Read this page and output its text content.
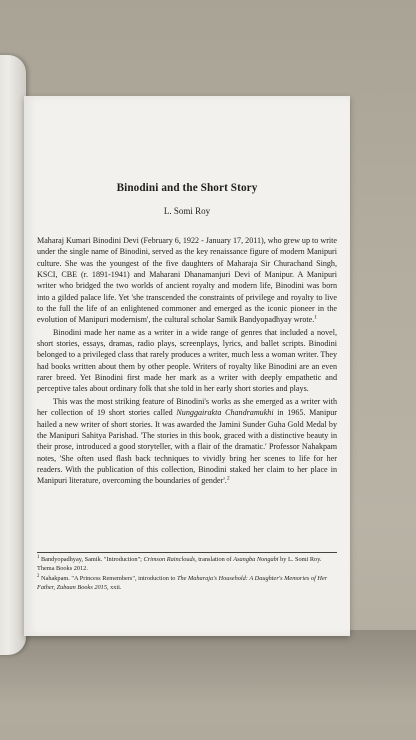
Binodini and the Short Story
L. Somi Roy

Maharaj Kumari Binodini Devi (February 6, 1922 - January 17, 2011), who grew up to write under the single name of Binodini, served as the key renaissance figure of modern Manipuri culture. She was the youngest of the five daughters of Maharaja Sir Churachand Singh, KSCI, CBE (r. 1891-1941) and Maharani Dhanamanjuri Devi of Manipur. A Manipuri writer who bridged the two worlds of ancient royalty and modern life, Binodini was born into a gilded palace life. Yet 'she transcended the constraints of privilege and royalty to live to the full the life of an enlightened commoner and emerged as the iconic pioneer in the evolution of Manipuri modernism', the cultural scholar Samik Bandyopadhyay wrote.$^1$

Binodini made her name as a writer in a wide range of genres that included a novel, short stories, essays, dramas, radio plays, screenplays, lyrics, and ballet scripts. Binodini belonged to a privileged class that rarely produces a writer, much less a woman writer. They had books written about them by other people. Writers of royalty like Binodini are an even rarer breed. Yet Binodini first made her mark as a writer with deeply empathetic and perceptive tales about ordinary folk that she told in her early short stories and plays.

This was the most striking feature of Binodini's works as she emerged as a writer with her collection of 19 short stories called Nunggairakta Chandramukhi in 1965. Manipur hailed a new writer of short stories. It was awarded the Jamini Sunder Guha Gold Medal by the Manipuri Sahitya Parishad. 'The stories in this book, graced with a distinctive beauty in their prose, introduced a good storyteller, with a flair of the dramatic.' Professor Nahakpam notes, 'She often used flash back techniques to vividly bring her scenes to life for her readers. With the publication of this collection, Binodini staked her claim to her place in Manipuri literature, overcoming the boundaries of gender'.$^2$

$^1$ Bandyopadhyay, Samik. "Introduction"; Crimson Rainclouds, translation of Asangba Nongabi by L. Somi Roy. Thema Books 2012.

$^2$ Nahakpam. "A Princess Remembers", introduction to The Maharaja's Household: A Daughter's Memories of Her Father, Zubaan Books 2015, xxii.
